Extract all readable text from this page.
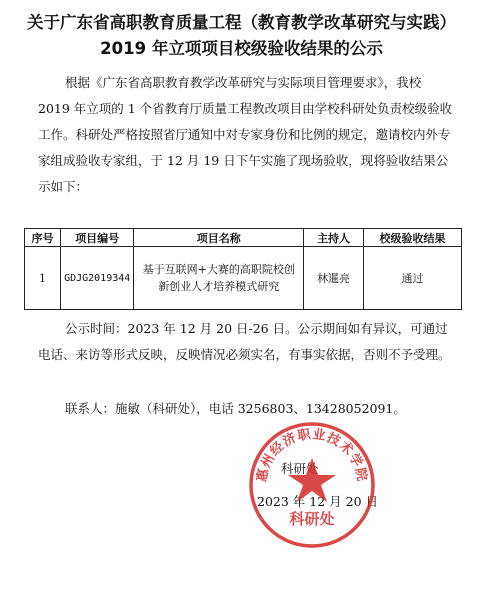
关于广东省高职教育质量工程（教育教学改革研究与实践）2019 年立项项目校级验收结果的公示

根据《广东省高职教育教学改革研究与实际项目管理要求》，我校 2019 年立项的 1 个省教育厅质量工程教改项目由学校科研处负责校级验收工作。科研处严格按照省厅通知中对专家身份和比例的规定，邀请校内外专家组成验收专家组，于 12 月 19 日下午实施了现场验收，现将验收结果公示如下：

序号	项目编号	项目名称	主持人	校级验收结果
1	GDJG2019344	基于互联网+大赛的高职院校创新创业人才培养模式研究	林暹亮	通过

公示时间：2023 年 12 月 20 日-26 日。公示期间如有异议，可通过电话、来访等形式反映，反映情况必须实名，有事实依据，否则不予受理。

联系人：施敏（科研处），电话 3256803、13428052091。

科研处
2023 年 12 月 20 日
惠州经济职业技术学院
科研处
